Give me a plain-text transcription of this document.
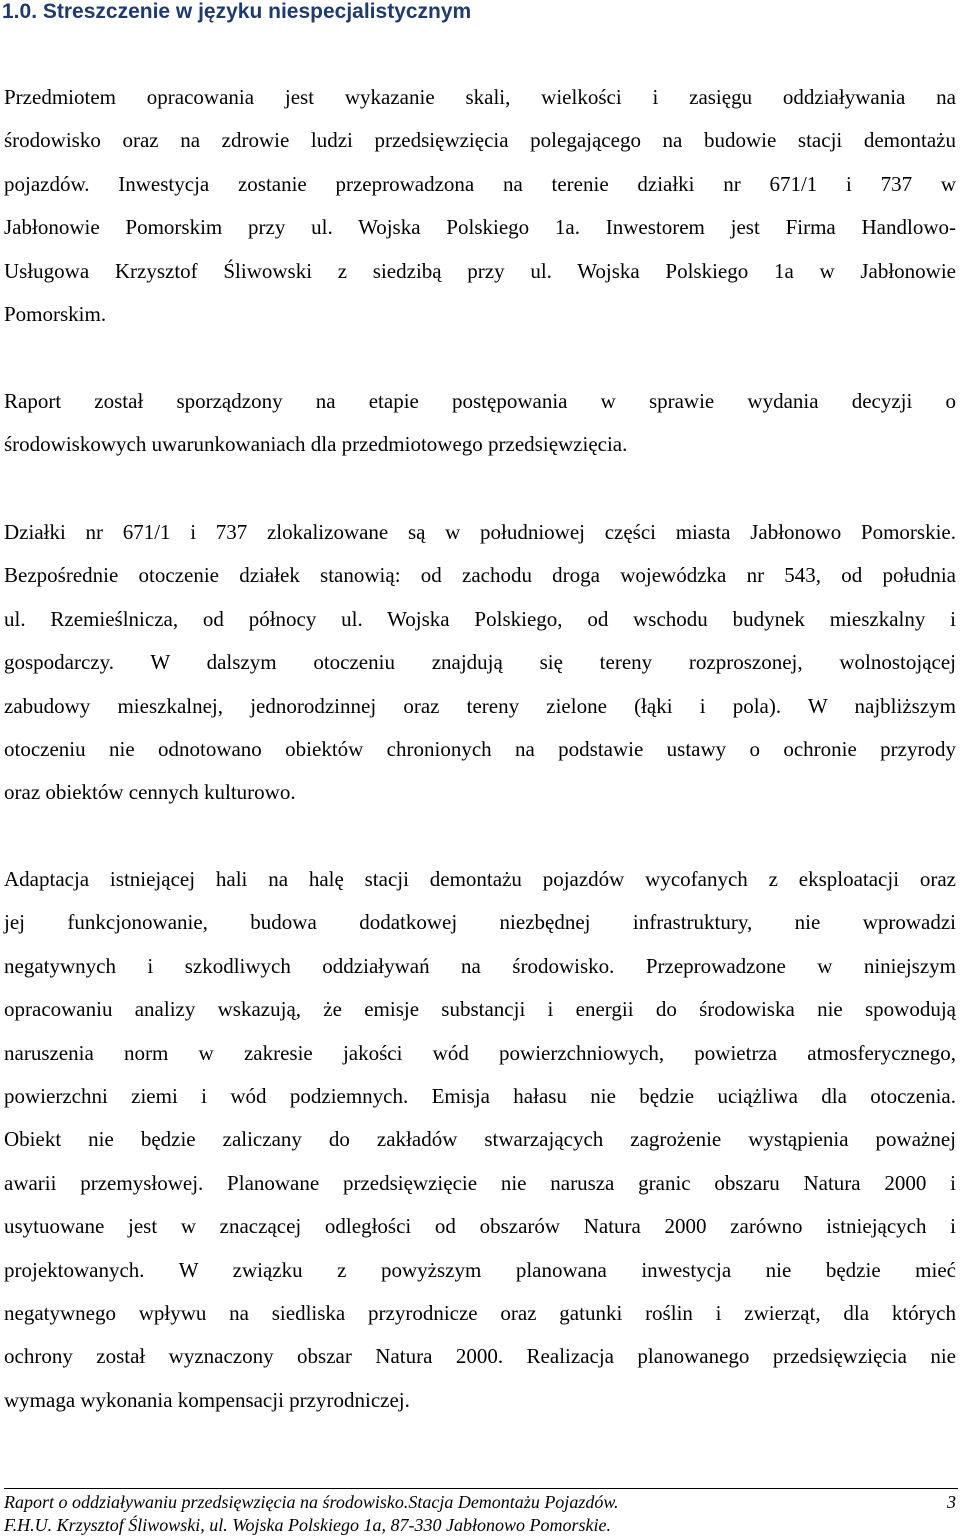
1.0. Streszczenie w języku niespecjalistycznym
Przedmiotem opracowania jest wykazanie skali, wielkości i zasięgu oddziaływania na
środowisko oraz na zdrowie ludzi przedsięwzięcia polegającego na budowie stacji demontażu
pojazdów. Inwestycja zostanie przeprowadzona na terenie działki nr 671/1 i 737 w
Jabłonowie Pomorskim przy ul. Wojska Polskiego 1a. Inwestorem jest Firma Handlowo-
Usługowa Krzysztof Śliwowski z siedzibą przy ul. Wojska Polskiego 1a w Jabłonowie
Pomorskim.
Raport został sporządzony na etapie postępowania w sprawie wydania decyzji o
środowiskowych uwarunkowaniach dla przedmiotowego przedsięwzięcia.
Działki nr 671/1 i 737 zlokalizowane są w południowej części miasta Jabłonowo Pomorskie.
Bezpośrednie otoczenie działek stanowią: od zachodu droga wojewódzka nr 543, od południa
ul. Rzemieślnicza, od północy ul. Wojska Polskiego, od wschodu budynek mieszkalny i
gospodarczy. W dalszym otoczeniu znajdują się tereny rozproszonej, wolnostojącej
zabudowy mieszkalnej, jednorodzinnej oraz tereny zielone (łąki i pola). W najbliższym
otoczeniu nie odnotowano obiektów chronionych na podstawie ustawy o ochronie przyrody
oraz obiektów cennych kulturowo.
Adaptacja istniejącej hali na halę stacji demontażu pojazdów wycofanych z eksploatacji oraz
jej funkcjonowanie, budowa dodatkowej niezbędnej infrastruktury, nie wprowadzi
negatywnych i szkodliwych oddziaływań na środowisko. Przeprowadzone w niniejszym
opracowaniu analizy wskazują, że emisje substancji i energii do środowiska nie spowodują
naruszenia norm w zakresie jakości wód powierzchniowych, powietrza atmosferycznego,
powierzchni ziemi i wód podziemnych. Emisja hałasu nie będzie uciążliwa dla otoczenia.
Obiekt nie będzie zaliczany do zakładów stwarzających zagrożenie wystąpienia poważnej
awarii przemysłowej. Planowane przedsięwzięcie nie narusza granic obszaru Natura 2000 i
usytuowane jest w znaczącej odległości od obszarów Natura 2000 zarówno istniejących i
projektowanych. W związku z powyższym planowana inwestycja nie będzie mieć
negatywnego wpływu na siedliska przyrodnicze oraz gatunki roślin i zwierząt, dla których
ochrony został wyznaczony obszar Natura 2000. Realizacja planowanego przedsięwzięcia nie
wymaga wykonania kompensacji przyrodniczej.
Raport o oddziaływaniu przedsięwzięcia na środowisko.Stacja Demontażu Pojazdów.	3
F.H.U. Krzysztof Śliwowski, ul. Wojska Polskiego 1a, 87-330 Jabłonowo Pomorskie.
